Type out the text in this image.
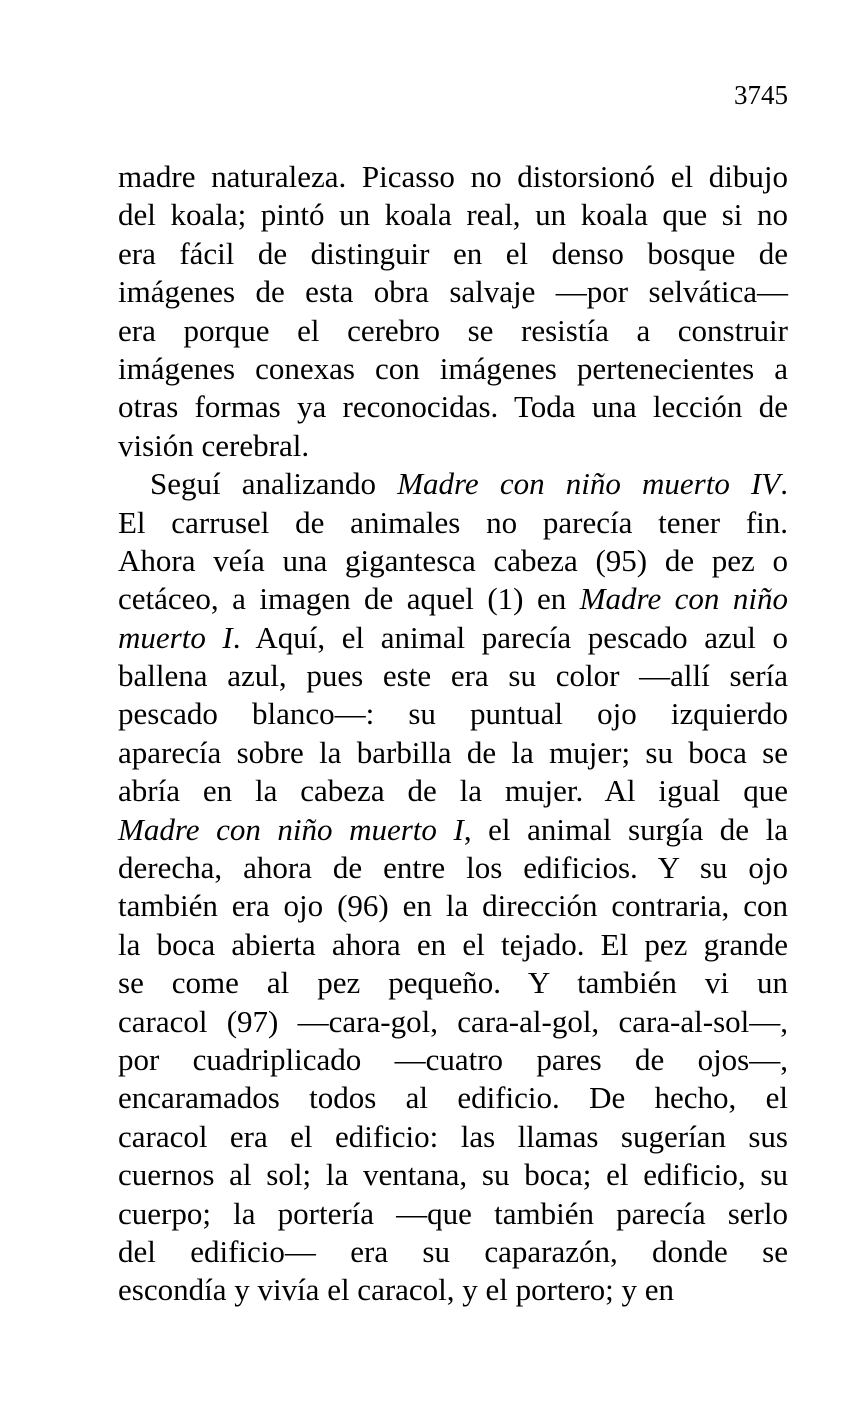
3745
madre naturaleza. Picasso no distorsionó el dibujo
del koala; pintó un koala real, un koala que si no
era fácil de distinguir en el denso bosque de
imágenes de esta obra salvaje —por selvática—
era porque el cerebro se resistía a construir
imágenes conexas con imágenes pertenecientes a
otras formas ya reconocidas. Toda una lección de
visión cerebral.
Seguí analizando Madre con niño muerto IV.
El carrusel de animales no parecía tener fin.
Ahora veía una gigantesca cabeza (95) de pez o
cetáceo, a imagen de aquel (1) en Madre con niño
muerto I. Aquí, el animal parecía pescado azul o
ballena azul, pues este era su color —allí sería
pescado blanco—: su puntual ojo izquierdo
aparecía sobre la barbilla de la mujer; su boca se
abría en la cabeza de la mujer. Al igual que
Madre con niño muerto I, el animal surgía de la
derecha, ahora de entre los edificios. Y su ojo
también era ojo (96) en la dirección contraria, con
la boca abierta ahora en el tejado. El pez grande
se come al pez pequeño. Y también vi un
caracol (97) —cara-gol, cara-al-gol, cara-al-sol—,
por cuadriplicado —cuatro pares de ojos—,
encaramados todos al edificio. De hecho, el
caracol era el edificio: las llamas sugerían sus
cuernos al sol; la ventana, su boca; el edificio, su
cuerpo; la portería —que también parecía serlo
del edificio— era su caparazón, donde se
escondía y vivía el caracol, y el portero; y en
